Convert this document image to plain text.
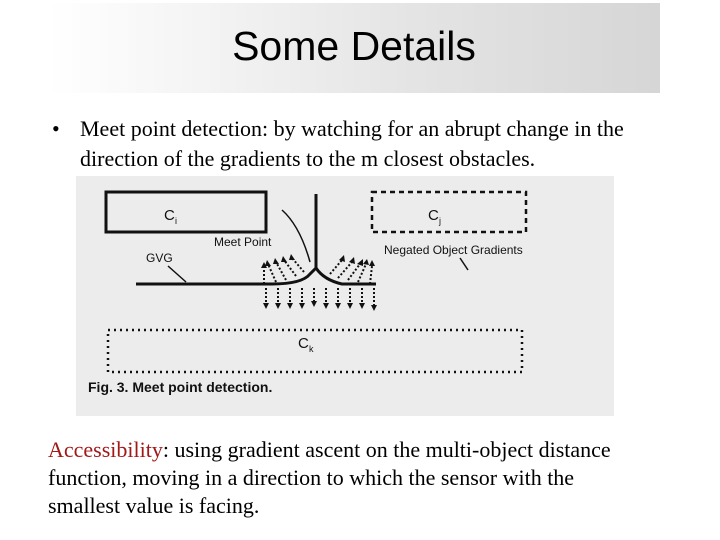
Some Details
• Meet point detection: by watching for an abrupt change in the direction of the gradients to the m closest obstacles.
C i	C j
C k
Meet Point
GVG
Negated Object Gradients
Fig. 3. Meet point detection.
Accessibility: using gradient ascent on the multi-object distance function, moving in a direction to which the sensor with the smallest value is facing.
